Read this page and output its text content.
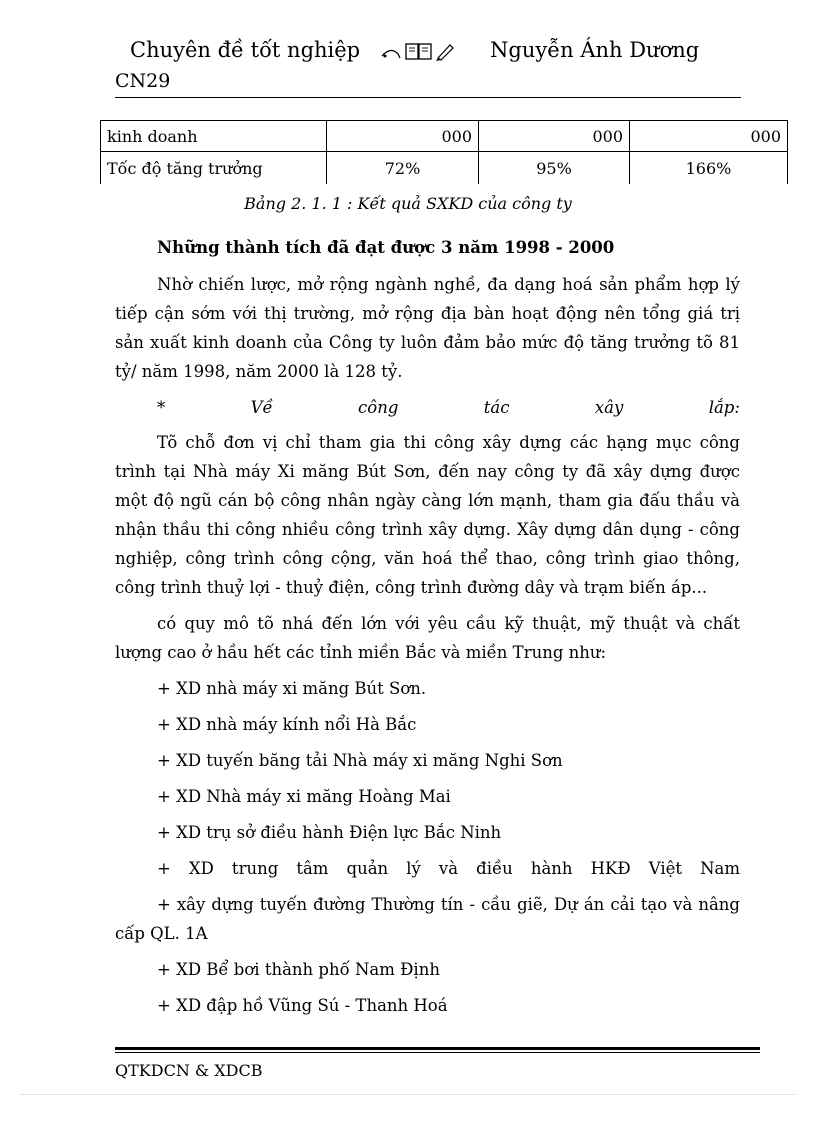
Chuyên đề tốt nghiệp	Nguyễn Ánh Dương
CN29
kinh doanh	000	000	000
Tốc độ tăng trưởng	72%	95%	166%
Bảng 2. 1. 1 : Kết quả SXKD của công ty

Những thành tích đã đạt được 3 năm 1998 - 2000

Nhờ chiến lược, mở rộng ngành nghề, đa dạng hoá sản phẩm hợp lý tiếp cận sớm với thị trường, mở rộng địa bàn hoạt động nên tổng giá trị sản xuất kinh doanh của Công ty luôn đảm bảo mức độ tăng trưởng tõ 81 tỷ/ năm 1998, năm 2000 là 128 tỷ.

*	Về	công	tác	xây	lắp:

Tõ chỗ đơn vị chỉ tham gia thi công xây dựng các hạng mục công trình tại Nhà máy Xi măng Bút Sơn, đến nay công ty đã xây dựng được một độ ngũ cán bộ công nhân ngày càng lớn mạnh, tham gia đấu thầu và nhận thầu thi công nhiều công trình xây dựng. Xây dựng dân dụng - công nghiệp, công trình công cộng, văn hoá thể thao, công trình giao thông, công trình thuỷ lợi - thuỷ điện, công trình đường dây và trạm biến áp...

có quy mô tõ nhá đến lớn với yêu cầu kỹ thuật, mỹ thuật và chất lượng cao ở hầu hết các tỉnh miền Bắc và miền Trung như:

+ XD nhà máy xi măng Bút Sơn.

+ XD nhà máy kính nổi Hà Bắc

+ XD tuyến băng tải Nhà máy xi măng Nghi Sơn

+ XD Nhà máy xi măng Hoàng Mai

+ XD trụ sở điều hành Điện lực Bắc Ninh

+ XD trung tâm quản lý và điều hành HKĐ Việt Nam

+ xây dựng tuyến đường Thường tín - cầu giẽ, Dự án cải tạo và nâng cấp QL. 1A

+ XD Bể bơi thành phố Nam Định

+ XD đập hồ Vũng Sú - Thanh Hoá

QTKDCN & XDCB
